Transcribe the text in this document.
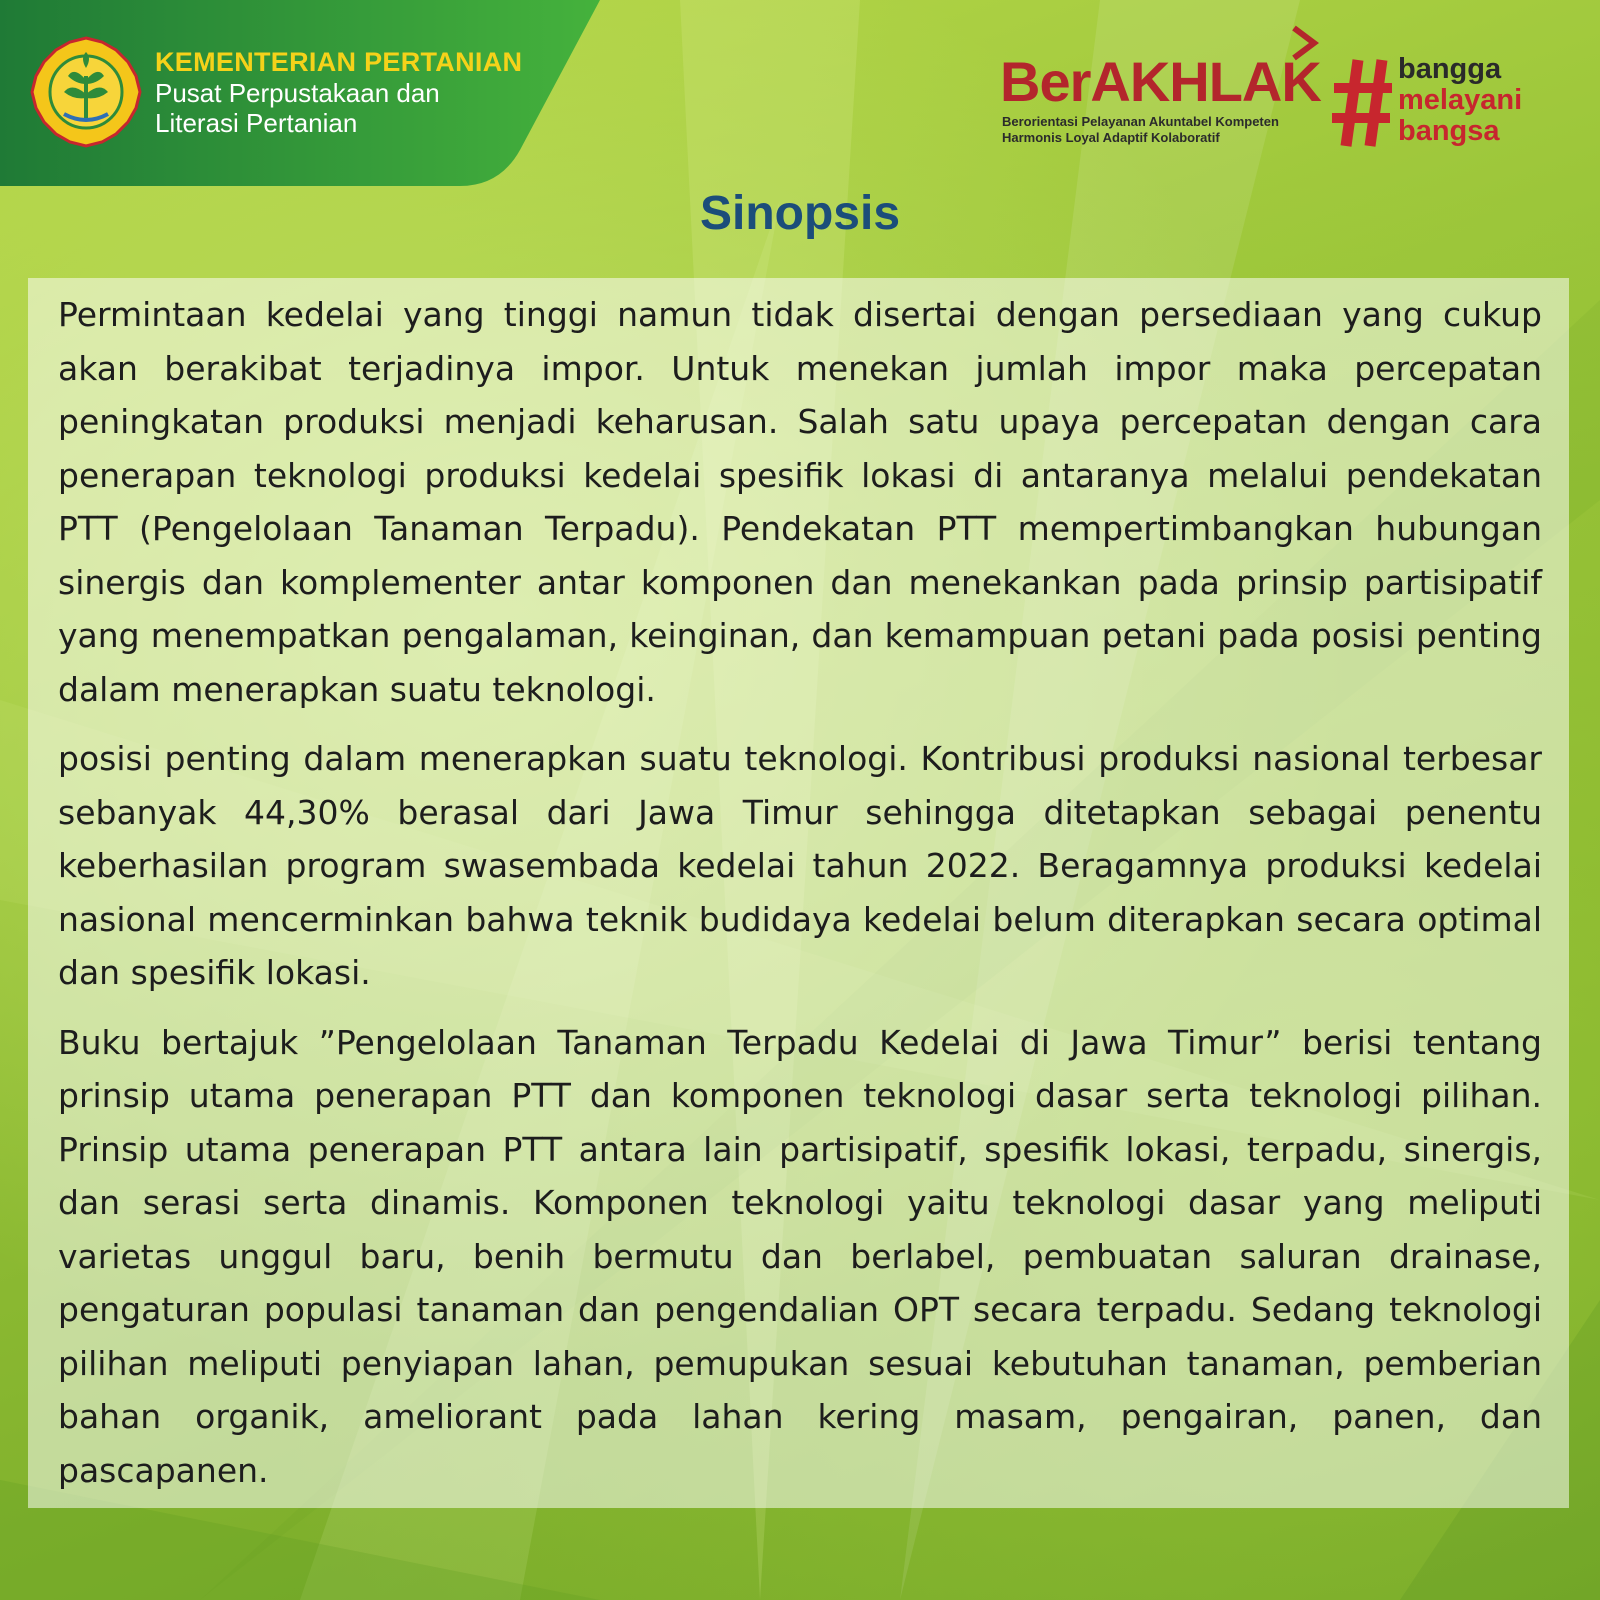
KEMENTERIAN PERTANIAN
Pusat Perpustakaan dan
Literasi Pertanian
BerAKHLAK
Berorientasi Pelayanan Akuntabel Kompeten
Harmonis Loyal Adaptif Kolaboratif
bangga
melayani
bangsa
Sinopsis

Permintaan kedelai yang tinggi namun tidak disertai dengan persediaan yang cukup akan berakibat terjadinya impor. Untuk menekan jumlah impor maka percepatan peningkatan produksi menjadi keharusan. Salah satu upaya percepatan dengan cara penerapan teknologi produksi kedelai spesifik lokasi di antaranya melalui pendekatan PTT (Pengelolaan Tanaman Terpadu). Pendekatan PTT mempertimbangkan hubungan sinergis dan komplementer antar komponen dan menekankan pada prinsip partisipatif yang menempatkan pengalaman, keinginan, dan kemampuan petani pada posisi penting dalam menerapkan suatu teknologi.

posisi penting dalam menerapkan suatu teknologi. Kontribusi produksi nasional terbesar sebanyak 44,30% berasal dari Jawa Timur sehingga ditetapkan sebagai penentu keberhasilan program swasembada kedelai tahun 2022. Beragamnya produksi kedelai nasional mencerminkan bahwa teknik budidaya kedelai belum diterapkan secara optimal dan spesifik lokasi.

Buku bertajuk ”Pengelolaan Tanaman Terpadu Kedelai di Jawa Timur” berisi tentang prinsip utama penerapan PTT dan komponen teknologi dasar serta teknologi pilihan. Prinsip utama penerapan PTT antara lain partisipatif, spesifik lokasi, terpadu, sinergis, dan serasi serta dinamis. Komponen teknologi yaitu teknologi dasar yang meliputi varietas unggul baru, benih bermutu dan berlabel, pembuatan saluran drainase, pengaturan populasi tanaman dan pengendalian OPT secara terpadu. Sedang teknologi pilihan meliputi penyiapan lahan, pemupukan sesuai kebutuhan tanaman, pemberian bahan organik, ameliorant pada lahan kering masam, pengairan, panen, dan pascapanen.
